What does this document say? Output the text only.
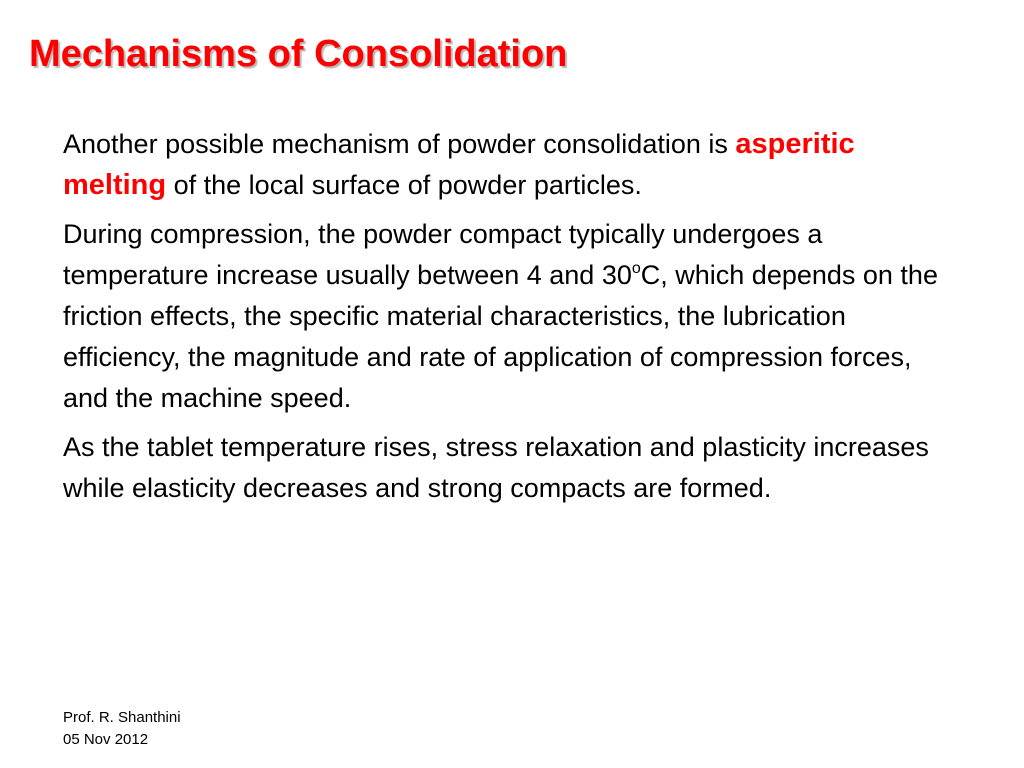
Mechanisms of Consolidation

Another possible mechanism of powder consolidation is asperitic melting of the local surface of powder particles.

During compression, the powder compact typically undergoes a temperature increase usually between 4 and 30$^o$C, which depends on the friction effects, the specific material characteristics, the lubrication efficiency, the magnitude and rate of application of compression forces, and the machine speed.

As the tablet temperature rises, stress relaxation and plasticity increases while elasticity decreases and strong compacts are formed.

Prof. R. Shanthini
05 Nov 2012
